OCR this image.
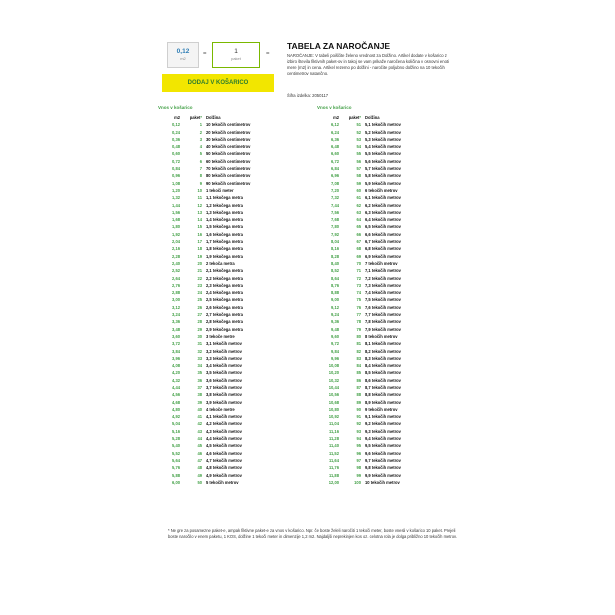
0,12
m2
=	1
paket
=
DODAJ V KOŠARICO
TABELA ZA NAROČANJE
NAROČANJE: V tabeli poiščite želeno vrednost za Dolžino. Artikel dodate v košarico z izbiro števila fiktivnih paket-ov in takoj se vam prikaže naročena količina v osnovni enoti mere (m2) in cena. Artikel rezemo po dolžini - naročite poljubno dolžino na 10 tekočih centimetrov natančno.
Šifra izdelka: 2050117
Vnos v košarico		
m2	paket*	Dolžina
0,12	1	10 tekočih centimetrov
0,24	2	20 tekočih centimetrov
0,36	3	30 tekočih centimetrov
0,48	4	40 tekočih centimetrov
0,60	5	50 tekočih centimetrov
0,72	6	60 tekočih centimetrov
0,84	7	70 tekočih centimetrov
0,96	8	80 tekočih centimetrov
1,08	9	90 tekočih centimetrov
1,20	10	1 tekoči meter
1,32	11	1,1 tekočega metra
1,44	12	1,2 tekočega metra
1,56	13	1,3 tekočega metra
1,68	14	1,4 tekočega metra
1,80	15	1,5 tekočega metra
1,92	16	1,6 tekočega metra
2,04	17	1,7 tekočega metra
2,16	18	1,8 tekočega metra
2,28	19	1,9 tekočega metra
2,40	20	2 tekoča metra
2,52	21	2,1 tekočega metra
2,64	22	2,2 tekočega metra
2,76	23	2,3 tekočega metra
2,88	24	2,4 tekočega metra
3,00	25	2,5 tekočega metra
3,12	26	2,6 tekočega metra
3,24	27	2,7 tekočega metra
3,36	28	2,8 tekočega metra
3,48	29	2,9 tekočega metra
3,60	30	3 tekoče metre
3,72	31	3,1 tekočih metrov
3,84	32	3,2 tekočih metrov
3,96	33	3,3 tekočih metrov
4,08	34	3,4 tekočih metrov
4,20	35	3,5 tekočih metrov
4,32	36	3,6 tekočih metrov
4,44	37	3,7 tekočih metrov
4,56	38	3,8 tekočih metrov
4,68	39	3,9 tekočih metrov
4,80	40	4 tekoče metre
4,92	41	4,1 tekočih metrov
5,04	42	4,2 tekočih metrov
5,16	43	4,3 tekočih metrov
5,28	44	4,4 tekočih metrov
5,40	45	4,5 tekočih metrov
5,52	46	4,6 tekočih metrov
5,64	47	4,7 tekočih metrov
5,76	48	4,8 tekočih metrov
5,88	49	4,9 tekočih metrov
6,00	50	5 tekočih metrov
Vnos v košarico		
m2	paket*	Dolžina
6,12	51	5,1 tekočih metrov
6,24	52	5,2 tekočih metrov
6,36	53	5,3 tekočih metrov
6,48	54	5,4 tekočih metrov
6,60	55	5,5 tekočih metrov
6,72	56	5,6 tekočih metrov
6,84	57	5,7 tekočih metrov
6,96	58	5,8 tekočih metrov
7,08	59	5,9 tekočih metrov
7,20	60	6 tekočih metrov
7,32	61	6,1 tekočih metrov
7,44	62	6,2 tekočih metrov
7,56	63	6,3 tekočih metrov
7,68	64	6,4 tekočih metrov
7,80	65	6,5 tekočih metrov
7,92	66	6,6 tekočih metrov
8,04	67	6,7 tekočih metrov
8,16	68	6,8 tekočih metrov
8,28	69	6,9 tekočih metrov
8,40	70	7 tekočih metrov
8,52	71	7,1 tekočih metrov
8,64	72	7,2 tekočih metrov
8,76	73	7,3 tekočih metrov
8,88	74	7,4 tekočih metrov
9,00	75	7,5 tekočih metrov
9,12	76	7,6 tekočih metrov
9,24	77	7,7 tekočih metrov
9,36	78	7,8 tekočih metrov
9,48	79	7,9 tekočih metrov
9,60	80	8 tekočih metrov
9,72	81	8,1 tekočih metrov
9,84	82	8,2 tekočih metrov
9,96	83	8,3 tekočih metrov
10,08	84	8,4 tekočih metrov
10,20	85	8,5 tekočih metrov
10,32	86	8,6 tekočih metrov
10,44	87	8,7 tekočih metrov
10,56	88	8,8 tekočih metrov
10,68	89	8,9 tekočih metrov
10,80	90	9 tekočih metrov
10,92	91	9,1 tekočih metrov
11,04	92	9,2 tekočih metrov
11,16	93	9,3 tekočih metrov
11,28	94	9,4 tekočih metrov
11,40	95	9,5 tekočih metrov
11,52	96	9,6 tekočih metrov
11,64	97	9,7 tekočih metrov
11,76	98	9,8 tekočih metrov
11,88	99	9,9 tekočih metrov
12,00	100	10 tekočih metrov
* Ne gre za posamezne paket-e, ampak fiktivne paket-e za vnos v košarico. Npr. če boste želeli naročiti 1 tekoči meter, boste vnesli v košarico 10 paket. Prejeli boste naročilo v enem paketu, 1 KOS, dolžine 1 tekoči meter in dimenzije 1,2 m2. Najdaljši neprekinjen kos oz. celotna rola je dolga približno 10 tekočih metrov.
